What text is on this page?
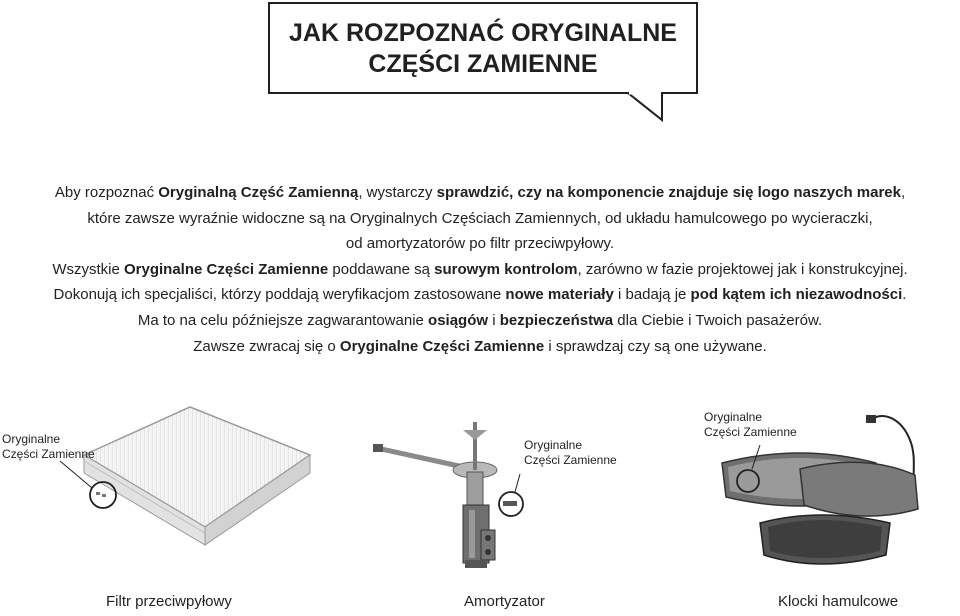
JAK ROZPOZNAĆ ORYGINALNE
CZĘŚCI ZAMIENNE
Aby rozpoznać Oryginalną Część Zamienną, wystarczy sprawdzić, czy na komponencie znajduje się logo naszych marek,
które zawsze wyraźnie widoczne są na Oryginalnych Częściach Zamiennych, od układu hamulcowego po wycieraczki,
od amortyzatorów po filtr przeciwpyłowy.
Wszystkie Oryginalne Części Zamienne poddawane są surowym kontrolom, zarówno w fazie projektowej jak i konstrukcyjnej.
Dokonują ich specjaliści, którzy poddają weryfikacjom zastosowane nowe materiały i badają je pod kątem ich niezawodności.
Ma to na celu późniejsze zagwarantowanie osiągów i bezpieczeństwa dla Ciebie i Twoich pasażerów.
Zawsze zwracaj się o Oryginalne Części Zamienne i sprawdzaj czy są one używane.
Oryginalne
Części Zamienne
Oryginalne
Części Zamienne
Oryginalne
Części Zamienne
Filtr przeciwpyłowy	Amortyzator	Klocki hamulcowe
